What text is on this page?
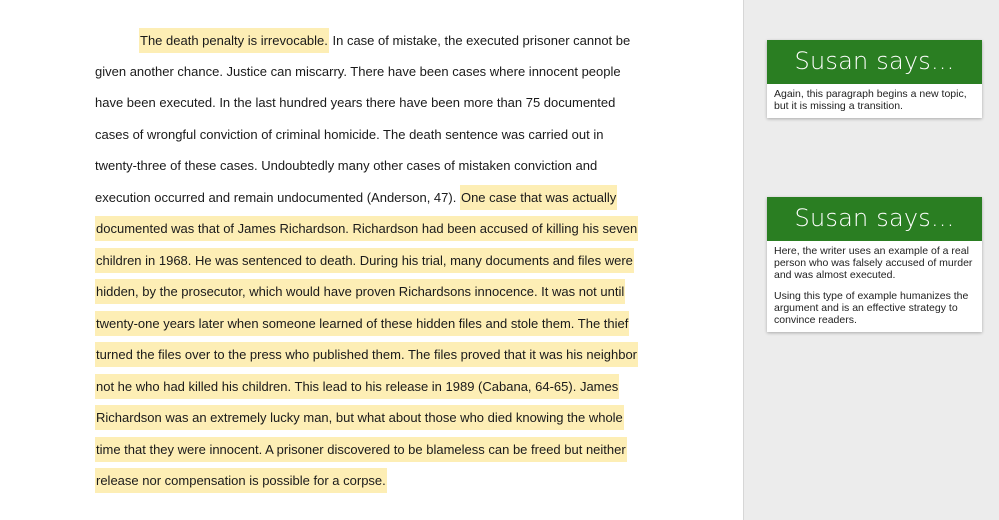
The death penalty is irrevocable. In case of mistake, the executed prisoner cannot be
given another chance. Justice can miscarry. There have been cases where innocent people
have been executed. In the last hundred years there have been more than 75 documented
cases of wrongful conviction of criminal homicide. The death sentence was carried out in
twenty-three of these cases. Undoubtedly many other cases of mistaken conviction and
execution occurred and remain undocumented (Anderson, 47). One case that was actually
documented was that of James Richardson. Richardson had been accused of killing his seven
children in 1968. He was sentenced to death. During his trial, many documents and files were
hidden, by the prosecutor, which would have proven Richardsons innocence. It was not until
twenty-one years later when someone learned of these hidden files and stole them. The thief
turned the files over to the press who published them. The files proved that it was his neighbor
not he who had killed his children. This lead to his release in 1989 (Cabana, 64-65). James
Richardson was an extremely lucky man, but what about those who died knowing the whole
time that they were innocent. A prisoner discovered to be blameless can be freed but neither
release nor compensation is possible for a corpse.
Susan says...

Again, this paragraph begins a new topic, but it is missing a transition.

Susan says...

Here, the writer uses an example of a real person who was falsely accused of murder and was almost executed.

Using this type of example humanizes the argument and is an effective strategy to convince readers.
